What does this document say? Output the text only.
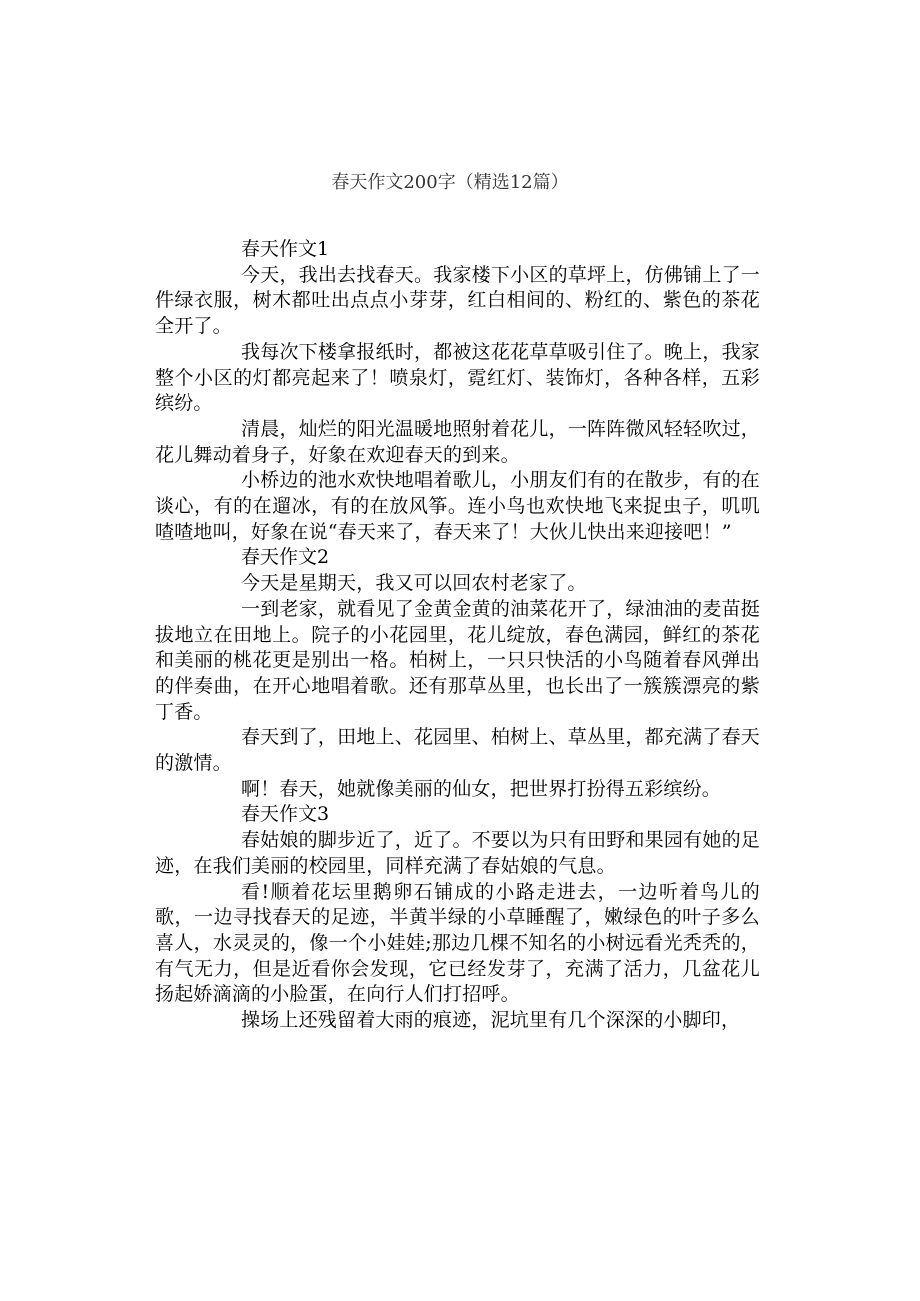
春天作文200字（精选12篇）

春天作文1

今天，我出去找春天。我家楼下小区的草坪上，仿佛铺上了一件绿衣服，树木都吐出点点小芽芽，红白相间的、粉红的、紫色的茶花全开了。

我每次下楼拿报纸时，都被这花花草草吸引住了。晚上，我家整个小区的灯都亮起来了！喷泉灯，霓红灯、装饰灯，各种各样，五彩缤纷。

清晨，灿烂的阳光温暖地照射着花儿，一阵阵微风轻轻吹过，花儿舞动着身子，好象在欢迎春天的到来。

小桥边的池水欢快地唱着歌儿，小朋友们有的在散步，有的在谈心，有的在遛冰，有的在放风筝。连小鸟也欢快地飞来捉虫子，叽叽喳喳地叫，好象在说“春天来了，春天来了！大伙儿快出来迎接吧！”

春天作文2

今天是星期天，我又可以回农村老家了。

一到老家，就看见了金黄金黄的油菜花开了，绿油油的麦苗挺拔地立在田地上。院子的小花园里，花儿绽放，春色满园，鲜红的茶花和美丽的桃花更是别出一格。柏树上，一只只快活的小鸟随着春风弹出的伴奏曲，在开心地唱着歌。还有那草丛里，也长出了一簇簇漂亮的紫丁香。

春天到了，田地上、花园里、柏树上、草丛里，都充满了春天的激情。

啊！春天，她就像美丽的仙女，把世界打扮得五彩缤纷。

春天作文3

春姑娘的脚步近了，近了。不要以为只有田野和果园有她的足迹，在我们美丽的校园里，同样充满了春姑娘的气息。

看!顺着花坛里鹅卵石铺成的小路走进去，一边听着鸟儿的歌，一边寻找春天的足迹，半黄半绿的小草睡醒了，嫩绿色的叶子多么喜人，水灵灵的，像一个小娃娃;那边几棵不知名的小树远看光秃秃的，有气无力，但是近看你会发现，它已经发芽了，充满了活力，几盆花儿扬起娇滴滴的小脸蛋，在向行人们打招呼。

操场上还残留着大雨的痕迹，泥坑里有几个深深的小脚印，
